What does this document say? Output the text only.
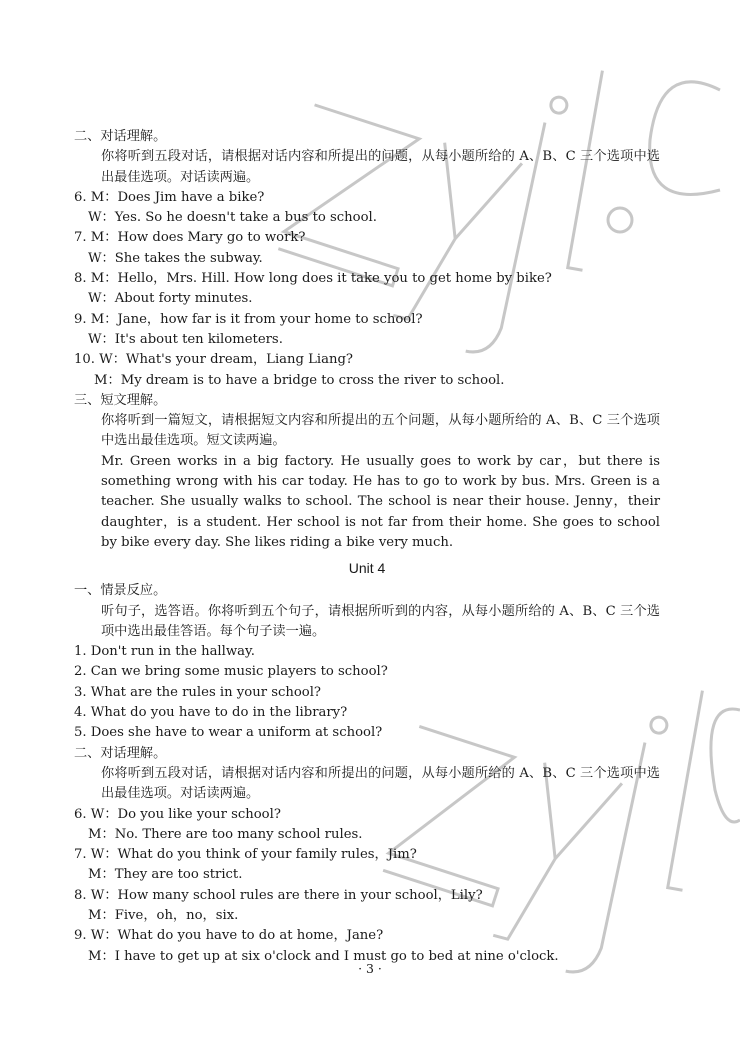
二、对话理解。
你将听到五段对话，请根据对话内容和所提出的问题，从每小题所给的 A、B、C 三个选项中选出最佳选项。对话读两遍。
6. M：Does Jim have a bike?
W：Yes. So he doesn't take a bus to school.
7. M：How does Mary go to work?
W：She takes the subway.
8. M：Hello，Mrs. Hill. How long does it take you to get home by bike?
W：About forty minutes.
9. M：Jane，how far is it from your home to school?
W：It's about ten kilometers.
10. W：What's your dream，Liang Liang?
M：My dream is to have a bridge to cross the river to school.
三、短文理解。
你将听到一篇短文，请根据短文内容和所提出的五个问题，从每小题所给的 A、B、C 三个选项中选出最佳选项。短文读两遍。
Mr. Green works in a big factory. He usually goes to work by car，but there is something wrong with his car today. He has to go to work by bus. Mrs. Green is a teacher. She usually walks to school. The school is near their house. Jenny，their daughter，is a student. Her school is not far from their home. She goes to school by bike every day. She likes riding a bike very much.
Unit 4
一、情景反应。
听句子，选答语。你将听到五个句子，请根据所听到的内容，从每小题所给的 A、B、C 三个选项中选出最佳答语。每个句子读一遍。
1. Don't run in the hallway.
2. Can we bring some music players to school?
3. What are the rules in your school?
4. What do you have to do in the library?
5. Does she have to wear a uniform at school?
二、对话理解。
你将听到五段对话，请根据对话内容和所提出的问题，从每小题所给的 A、B、C 三个选项中选出最佳选项。对话读两遍。
6. W：Do you like your school?
M：No. There are too many school rules.
7. W：What do you think of your family rules，Jim?
M：They are too strict.
8. W：How many school rules are there in your school，Lily?
M：Five，oh，no，six.
9. W：What do you have to do at home，Jane?
M：I have to get up at six o'clock and I must go to bed at nine o'clock.
· 3 ·
